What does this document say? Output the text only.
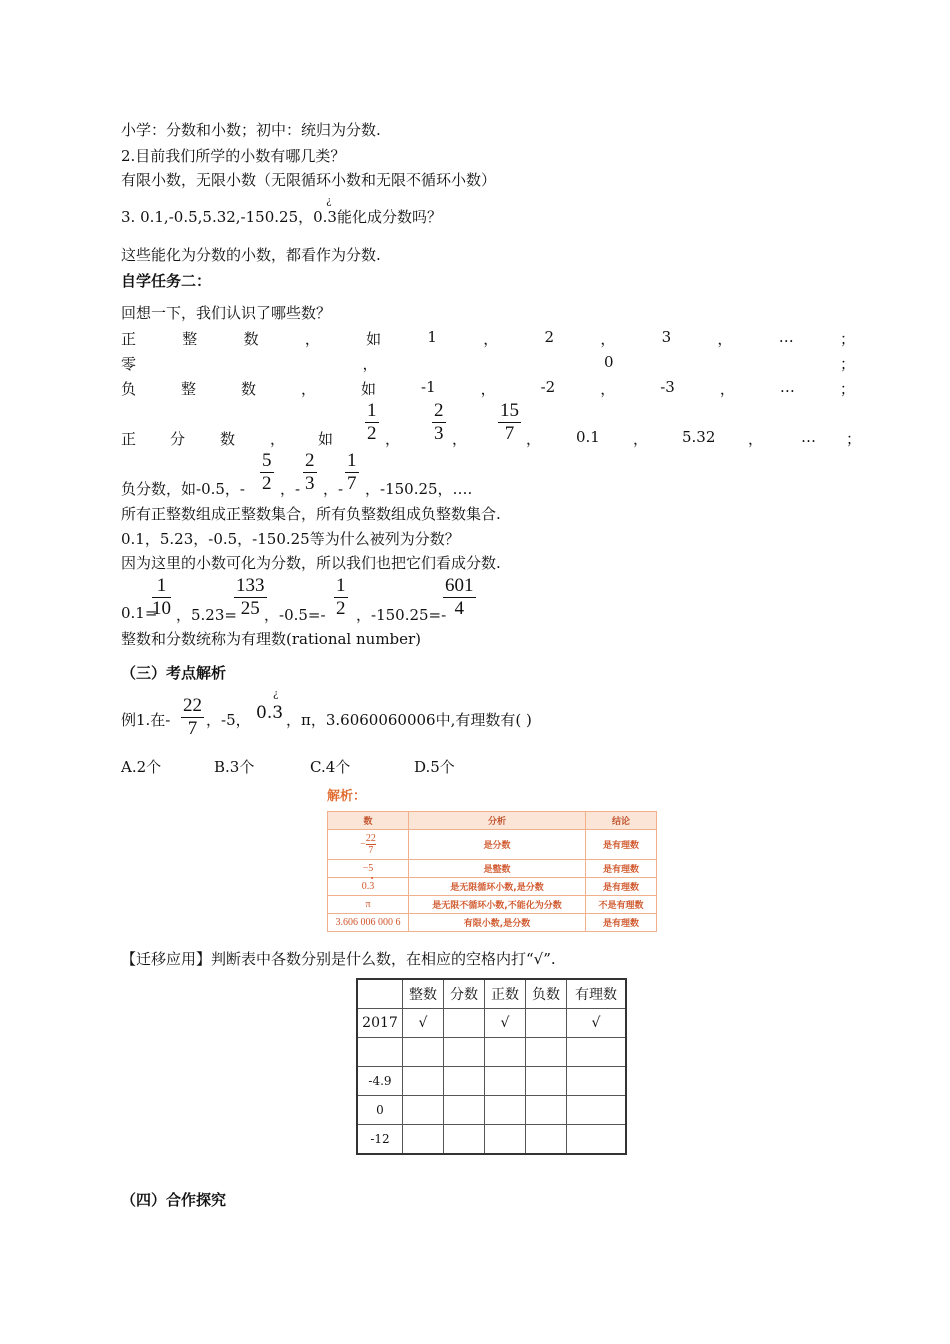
小学：分数和小数；初中：统归为分数.
2.目前我们所学的小数有哪几类？
有限小数，无限小数（无限循环小数和无限不循环小数）
3. 0.1,-0.5,5.32,-150.25，
¿
0.3能化成分数吗？
这些能化为分数的小数，都看作为分数.
自学任务二：
回想一下，我们认识了哪些数？
正	整	数	，	如	1	，	2	，	3	，	…	；
零	，	0	；
负	整	数	，	如	-1	，	-2	，	-3	，	…	；
正 分 数 ， 如 $\frac{1}{2}$ ， $\frac{2}{3}$ ， $\frac{15}{7}$ ， 0.1 ， 5.32 ，	… ；
负分数，如-0.5，- $\frac{5}{2}$ ，- $\frac{2}{3}$ ，- $\frac{1}{7}$ ，-150.25，….
所有正整数组成正整数集合，所有负整数组成负整数集合.
0.1，5.23，-0.5，-150.25等为什么被列为分数？
因为这里的小数可化为分数，所以我们也把它们看成分数.
0.1=
$\frac{1}{10}$ ，5.23=
$\frac{133}{25}$
，$-0.5=- \frac{1}{2}$ ，-150.25=-
$\frac{601}{4}$
整数和分数统称为有理数(rational number)
（三）考点解析
例1.在- $\frac{22}{7}$ ，-5，
¿
0.3 ，π，3.6060060006中,有理数有( )
A.2个	B.3个	C.4个	D.5个
解析：
数	分析	结论
−
22
7	是分数	是有理数
−5	是整数	是有理数

•
0.3	是无限循环小数,是分数	是有理数
π	是无限不循环小数,不能化为分数	不是有理数
3.606 006 000 6	有限小数,是分数	是有理数
【迁移应用】判断表中各数分别是什么数，在相应的空格内打“√”.
	整数	分数	正数	负数	有理数
2017	√		√		√

-4.9					
0					
-12					
（四）合作探究
